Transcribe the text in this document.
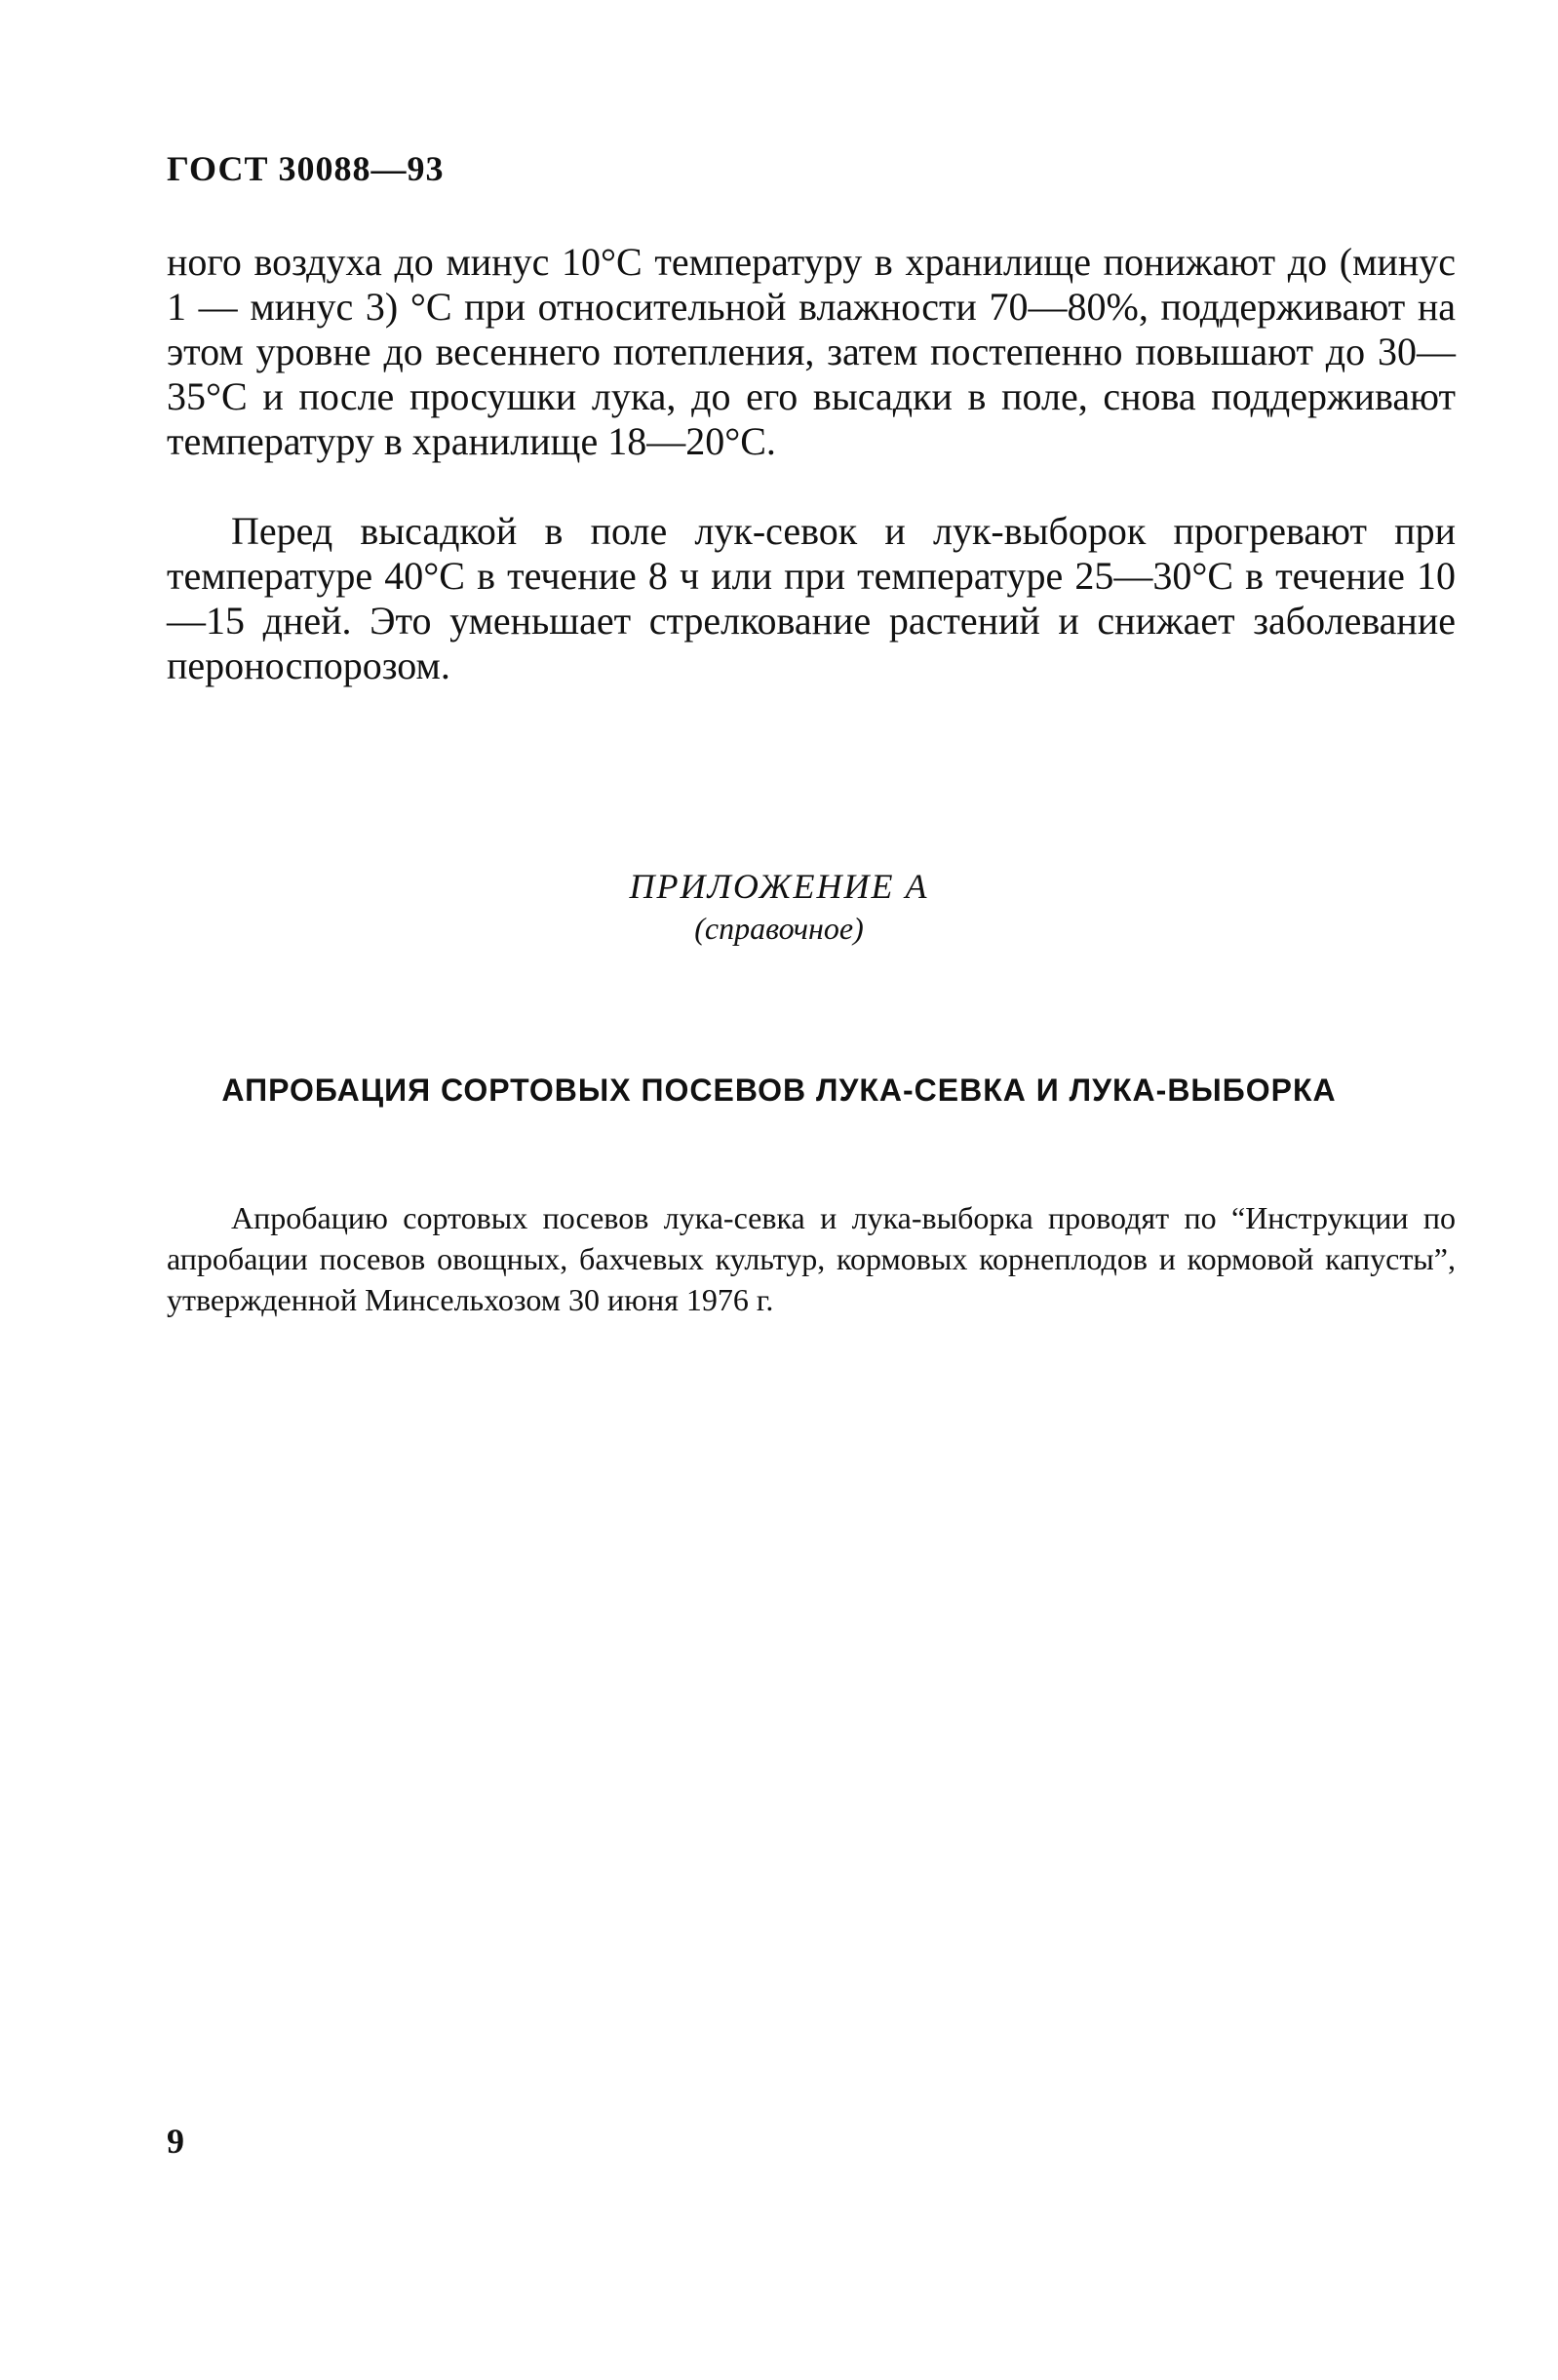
ГОСТ 30088—93

ного воздуха до минус 10°С температуру в хранилище понижают до (минус 1 — минус 3) °С при относительной влажности 70—80%, поддерживают на этом уровне до весеннего потепления, затем постепенно повышают до 30—35°С и после просушки лука, до его высадки в поле, снова поддерживают температуру в хранилище 18—20°С.

Перед высадкой в поле лук-севок и лук-выборок прогревают при температуре 40°С в течение 8 ч или при температуре 25—30°С в течение 10—15 дней. Это уменьшает стрелкование растений и снижает заболевание пероноспорозом.

ПРИЛОЖЕНИЕ А
(справочное)
АПРОБАЦИЯ СОРТОВЫХ ПОСЕВОВ ЛУКА-СЕВКА И ЛУКА-ВЫБОРКА

Апробацию сортовых посевов лука-севка и лука-выборка проводят по “Инструкции по апробации посевов овощных, бахчевых культур, кормовых корнеплодов и кормовой капусты”, утвержденной Минсельхозом 30 июня 1976 г.

9
